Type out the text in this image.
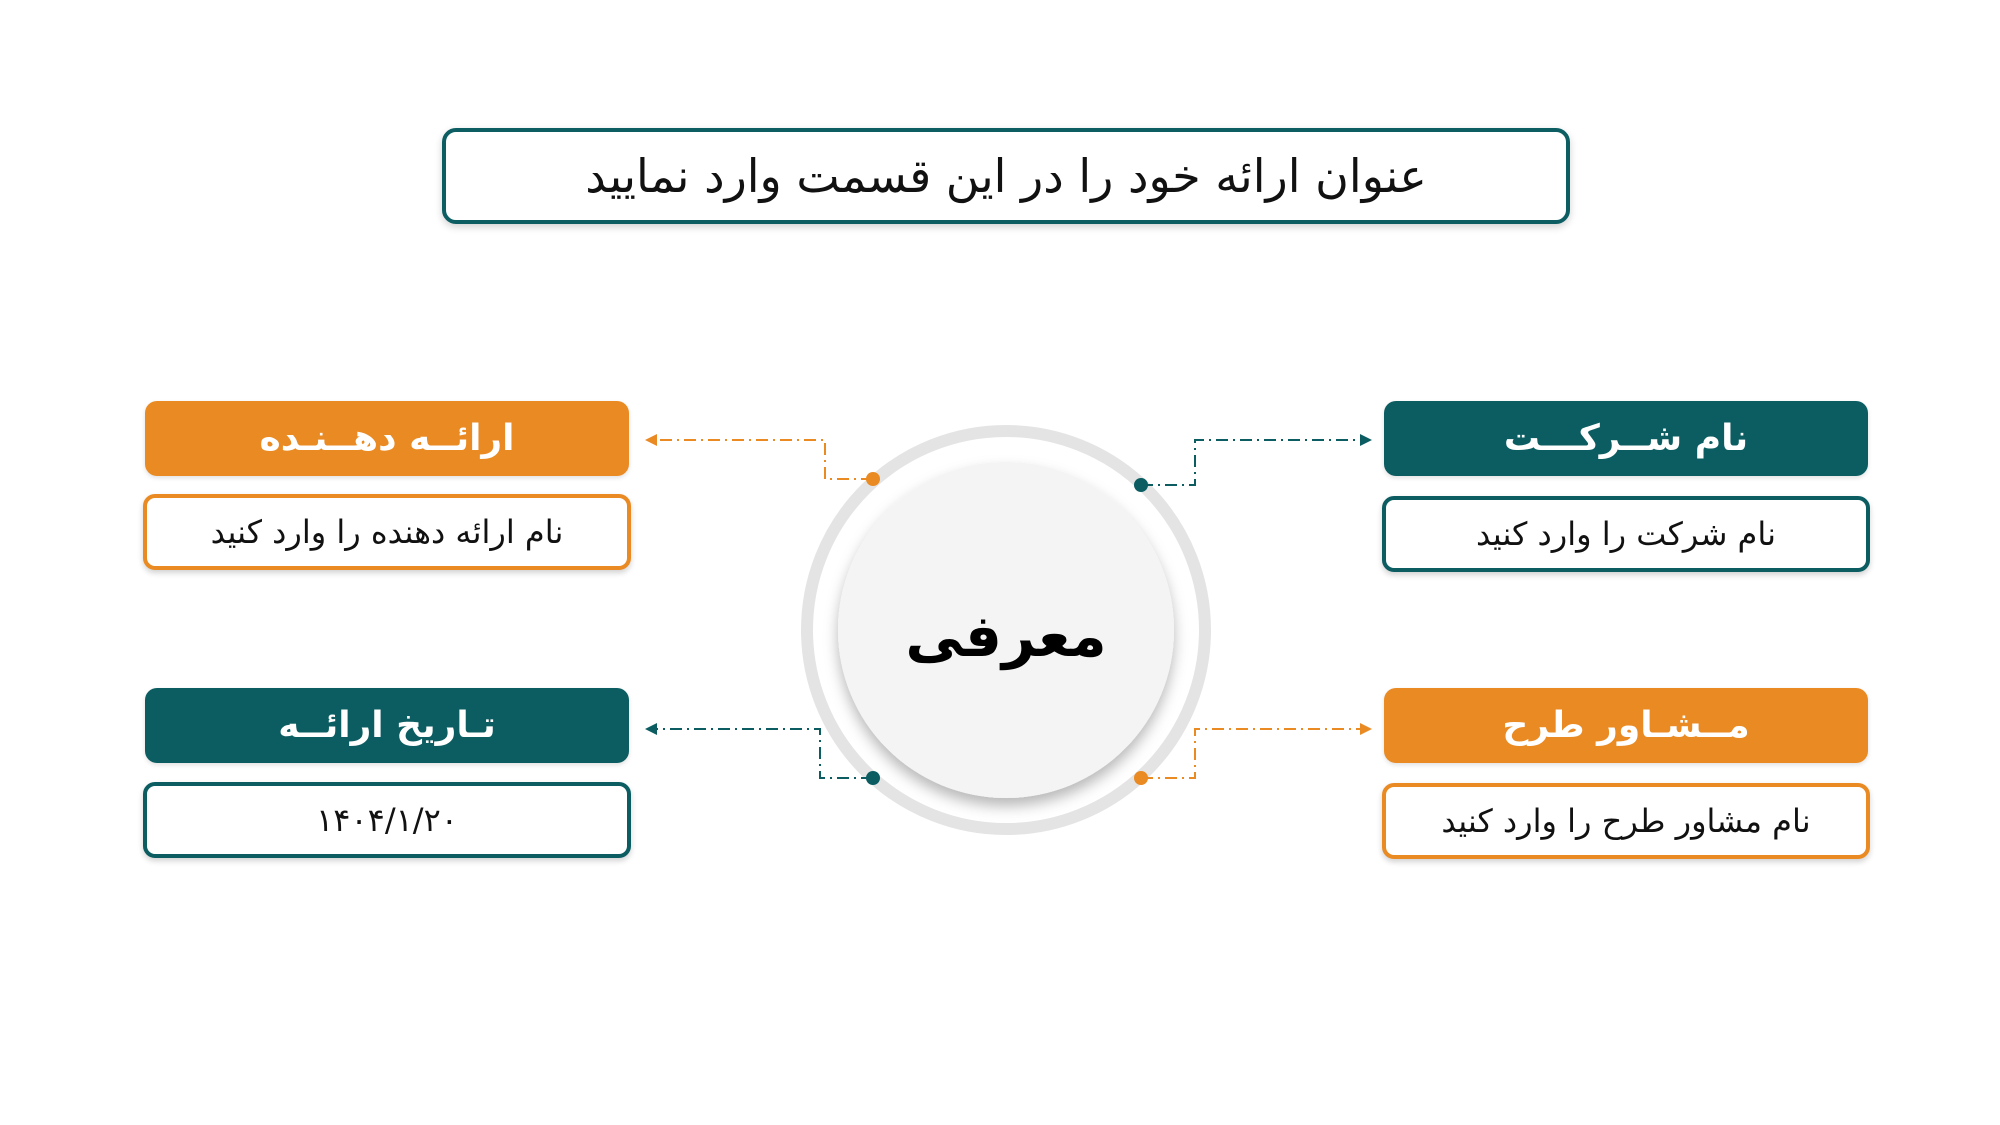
عنوان ارائه خود را در این قسمت وارد نمایید
معرفی
ارائــه دهــنـده
نام ارائه دهنده را وارد کنید
نام شــرکـــت
نام شرکت را وارد کنید
تـاریخ ارائــه
۱۴۰۴/۱/۲۰
مــشـاور طرح
نام مشاور طرح را وارد کنید
